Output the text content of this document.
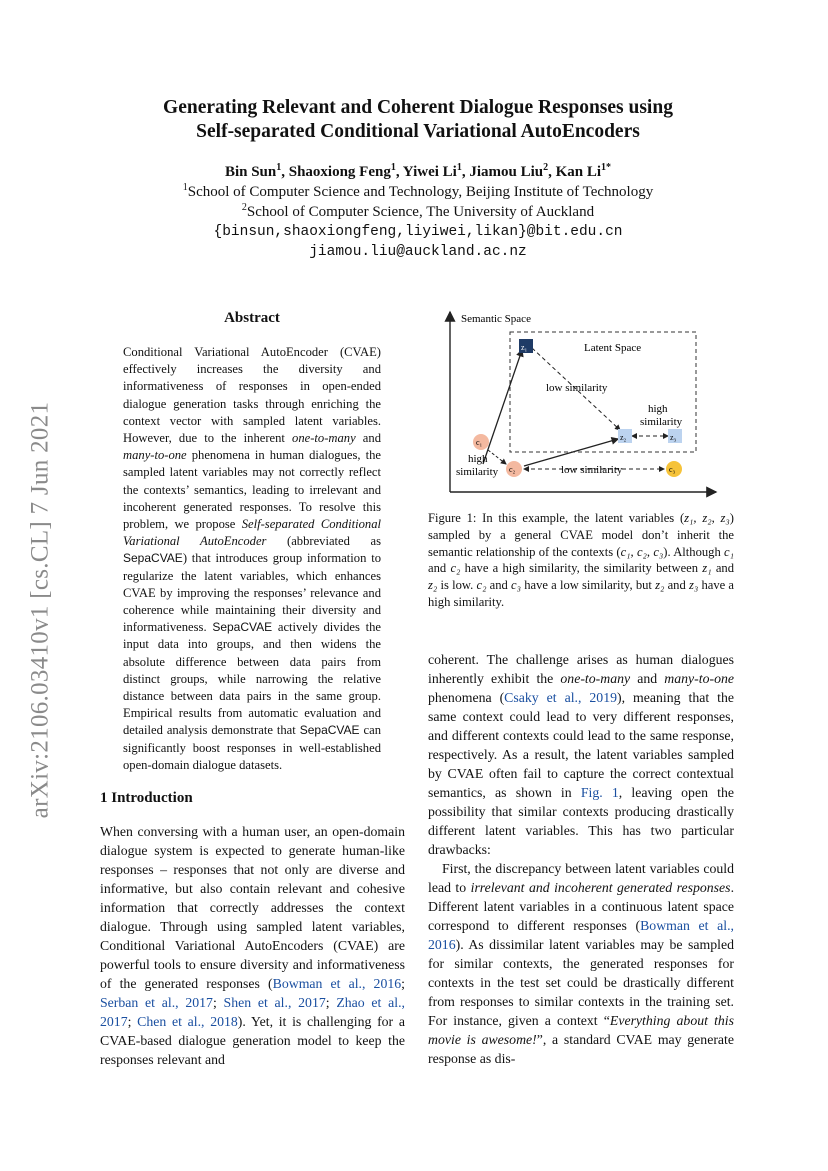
arXiv:2106.03410v1 [cs.CL] 7 Jun 2021
Generating Relevant and Coherent Dialogue Responses using
Self-separated Conditional Variational AutoEncoders
Bin Sun$^1$, Shaoxiong Feng$^1$, Yiwei Li$^1$, Jiamou Liu$^2$, Kan $Li^{1*}$
$^1$School of Computer Science and Technology, Beijing Institute of Technology
$^2$School of Computer Science, The University of Auckland
{binsun,shaoxiongfeng,liyiwei,likan}@bit.edu.cn
jiamou.liu@auckland.ac.nz
Abstract
Conditional Variational AutoEncoder (CVAE) effectively increases the diversity and informativeness of responses in open-ended dialogue generation tasks through enriching the context vector with sampled latent variables. However, due to the inherent one-to-many and many-to-one phenomena in human dialogues, the sampled latent variables may not correctly reflect the contexts’ semantics, leading to irrelevant and incoherent generated responses. To resolve this problem, we propose Self-separated Conditional Variational AutoEncoder (abbreviated as SepaCVAE) that introduces group information to regularize the latent variables, which enhances CVAE by improving the responses’ relevance and coherence while maintaining their diversity and informativeness. SepaCVAE actively divides the input data into groups, and then widens the absolute difference between data pairs from distinct groups, while narrowing the relative distance between data pairs in the same group. Empirical results from automatic evaluation and detailed analysis demonstrate that SepaCVAE can significantly boost responses in well-established open-domain dialogue datasets.
1 Introduction

When conversing with a human user, an open-domain dialogue system is expected to generate human-like responses – responses that not only are diverse and informative, but also contain relevant and cohesive information that correctly addresses the context dialogue. Through using sampled latent variables, Conditional Variational AutoEncoders (CVAE) are powerful tools to ensure diversity and informativeness of the generated responses (Bowman et al., 2016; Serban et al., 2017; Shen et al., 2017; Zhao et al., 2017; Chen et al., 2018). Yet, it is challenging for a CVAE-based dialogue generation model to keep the responses relevant and

Semantic Space
Latent Space
z₁
z₂	z₃
c₁
c₂	c₃
low similarity
high
similarity
high
similarity	low similarity
Figure 1: In this example, the latent variables (z₁, z₂, z₃) sampled by a general CVAE model don’t inherit the semantic relationship of the contexts (c₁, c₂, c₃). Although c₁ and c₂ have a high similarity, the similarity between z₁ and z₂ is low. c₂ and c₃ have a low similarity, but z₂ and z₃ have a high similarity.

coherent. The challenge arises as human dialogues inherently exhibit the one-to-many and many-to-one phenomena (Csaky et al., 2019), meaning that the same context could lead to very different responses, and different contexts could lead to the same response, respectively. As a result, the latent variables sampled by CVAE often fail to capture the correct contextual semantics, as shown in Fig. 1, leaving open the possibility that similar contexts producing drastically different latent variables. This has two particular drawbacks:

First, the discrepancy between latent variables could lead to irrelevant and incoherent generated responses. Different latent variables in a continuous latent space correspond to different responses (Bowman et al., 2016). As dissimilar latent variables may be sampled for similar contexts, the generated responses for contexts in the test set could be drastically different from responses to similar contexts in the training set. For instance, given a context “Everything about this movie is awesome!”, a standard CVAE may generate response as dis-
